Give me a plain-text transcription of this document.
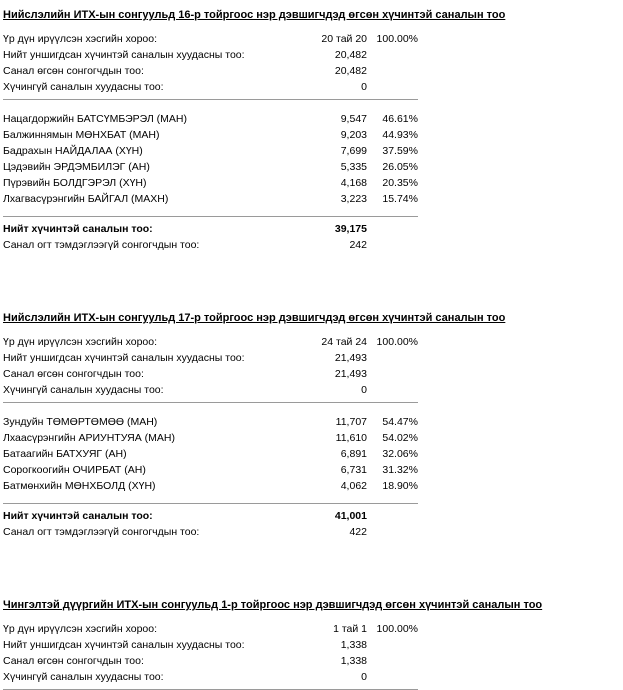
Нийслэлийн ИТХ-ын сонгуульд 16-р тойргоос нэр дэвшигчдэд өгсөн хүчинтэй саналын тоо
Үр дүн ирүүлсэн хэсгийн хороо:	20 тай 20 100.00%
Нийт уншигдсан хүчинтэй саналын хуудасны тоо:	20,482
Санал өгсөн сонгогчдын тоо:	20,482
Хүчингүй саналын хуудасны тоо:	0
Нацагдоржийн БАТСҮМБЭРЭЛ (МАН)	9,547	46.61%
Балжиннямын МӨНХБАТ (МАН)	9,203	44.93%
Бадрахын НАЙДАЛАА (ХҮН)	7,699	37.59%
Цэдэвийн ЭРДЭМБИЛЭГ (АН)	5,335	26.05%
Пүрэвийн БОЛДГЭРЭЛ (ХҮН)	4,168	20.35%
Лхагвасүрэнгийн БАЙГАЛ (МАХН)	3,223	15.74%
Нийт хүчинтэй саналын тоо:	39,175
Санал огт тэмдэглээгүй сонгогчдын тоо:	242
Нийслэлийн ИТХ-ын сонгуульд 17-р тойргоос нэр дэвшигчдэд өгсөн хүчинтэй саналын тоо
Үр дүн ирүүлсэн хэсгийн хороо:	24 тай 24 100.00%
Нийт уншигдсан хүчинтэй саналын хуудасны тоо:	21,493
Санал өгсөн сонгогчдын тоо:	21,493
Хүчингүй саналын хуудасны тоо:	0
Зундуйн ТӨМӨРТӨМӨӨ (МАН)	11,707	54.47%
Лхаасүрэнгийн АРИУНТУЯА (МАН)	11,610	54.02%
Батаагийн БАТХУЯГ (АН)	6,891	32.06%
Сорогкоогийн ОЧИРБАТ (АН)	6,731	31.32%
Батмөнхийн МӨНХБОЛД (ХҮН)	4,062	18.90%
Нийт хүчинтэй саналын тоо:	41,001
Санал огт тэмдэглээгүй сонгогчдын тоо:	422
Чингэлтэй дүүргийн ИТХ-ын сонгуульд 1-р тойргоос нэр дэвшигчдэд өгсөн хүчинтэй саналын тоо
Үр дүн ирүүлсэн хэсгийн хороо:	1 тай 1 100.00%
Нийт уншигдсан хүчинтэй саналын хуудасны тоо:	1,338
Санал өгсөн сонгогчдын тоо:	1,338
Хүчингүй саналын хуудасны тоо:	0
